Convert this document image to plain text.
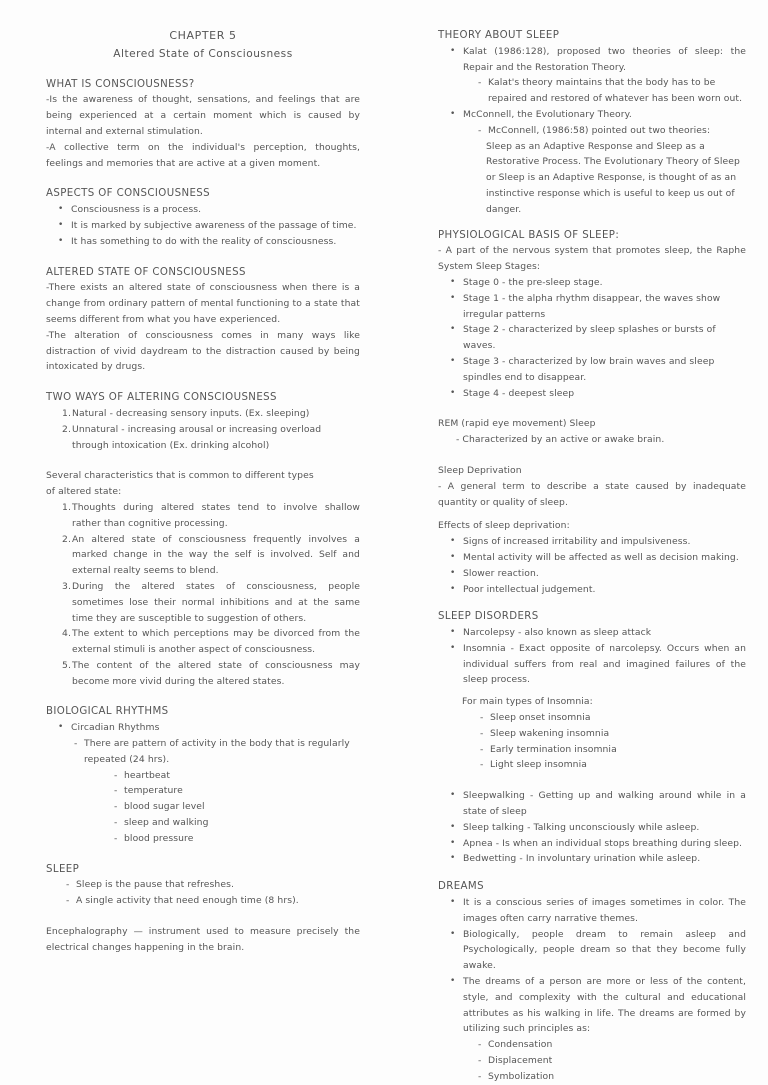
CHAPTER 5
Altered State of Consciousness
WHAT IS CONSCIOUSNESS?

-Is the awareness of thought, sensations, and feelings that are being experienced at a certain moment which is caused by internal and external stimulation.

-A collective term on the individual's perception, thoughts, feelings and memories that are active at a given moment.

ASPECTS OF CONSCIOUSNESS
• Consciousness is a process.
• It is marked by subjective awareness of the passage of time.
• It has something to do with the reality of consciousness.
ALTERED STATE OF CONSCIOUSNESS

-There exists an altered state of consciousness when there is a change from ordinary pattern of mental functioning to a state that seems different from what you have experienced.

-The alteration of consciousness comes in many ways like distraction of vivid daydream to the distraction caused by being intoxicated by drugs.

TWO WAYS OF ALTERING CONSCIOUSNESS
1. Natural - decreasing sensory inputs. (Ex. sleeping)
2. Unnatural - increasing arousal or increasing overload through intoxication (Ex. drinking alcohol)
Several characteristics that is common to different types
of altered state:
1. Thoughts during altered states tend to involve shallow rather than cognitive processing.
2. An altered state of consciousness frequently involves a marked change in the way the self is involved. Self and external realty seems to blend.
3. During the altered states of consciousness, people sometimes lose their normal inhibitions and at the same time they are susceptible to suggestion of others.
4. The extent to which perceptions may be divorced from the external stimuli is another aspect of consciousness.
5. The content of the altered state of consciousness may become more vivid during the altered states.
BIOLOGICAL RHYTHMS
• Circadian Rhythms
- There are pattern of activity in the body that is regularly repeated (24 hrs).
- heartbeat
- temperature
- blood sugar level
- sleep and walking
- blood pressure
SLEEP
- Sleep is the pause that refreshes.
- A single activity that need enough time (8 hrs).

Encephalography — instrument used to measure precisely the electrical changes happening in the brain.

THEORY ABOUT SLEEP
• Kalat (1986:128), proposed two theories of sleep: the Repair and the Restoration Theory.
- Kalat's theory maintains that the body has to be repaired and restored of whatever has been worn out.
• McConnell, the Evolutionary Theory.
- McConnell, (1986:58) pointed out two theories:

Sleep as an Adaptive Response and Sleep as a Restorative Process. The Evolutionary Theory of Sleep or Sleep is an Adaptive Response, is thought of as an instinctive response which is useful to keep us out of danger.

PHYSIOLOGICAL BASIS OF SLEEP:

- A part of the nervous system that promotes sleep, the Raphe System Sleep Stages:

• Stage 0 - the pre-sleep stage.
• Stage 1 - the alpha rhythm disappear, the waves show irregular patterns
• Stage 2 - characterized by sleep splashes or bursts of waves.
• Stage 3 - characterized by low brain waves and sleep spindles end to disappear.
• Stage 4 - deepest sleep
REM (rapid eye movement) Sleep
- Characterized by an active or awake brain.
Sleep Deprivation

- A general term to describe a state caused by inadequate quantity or quality of sleep.

Effects of sleep deprivation:
• Signs of increased irritability and impulsiveness.
• Mental activity will be affected as well as decision making.
• Slower reaction.
• Poor intellectual judgement.
SLEEP DISORDERS
• Narcolepsy - also known as sleep attack
• Insomnia - Exact opposite of narcolepsy. Occurs when an individual suffers from real and imagined failures of the sleep process.
For main types of Insomnia:
- Sleep onset insomnia
- Sleep wakening insomnia
- Early termination insomnia
- Light sleep insomnia
• Sleepwalking - Getting up and walking around while in a state of sleep
• Sleep talking - Talking unconsciously while asleep.
• Apnea - Is when an individual stops breathing during sleep.
• Bedwetting - In involuntary urination while asleep.
DREAMS
• It is a conscious series of images sometimes in color. The images often carry narrative themes.
• Biologically, people dream to remain asleep and Psychologically, people dream so that they become fully awake.
• The dreams of a person are more or less of the content, style, and complexity with the cultural and educational attributes as his walking in life. The dreams are formed by utilizing such principles as:
- Condensation
- Displacement
- Symbolization
